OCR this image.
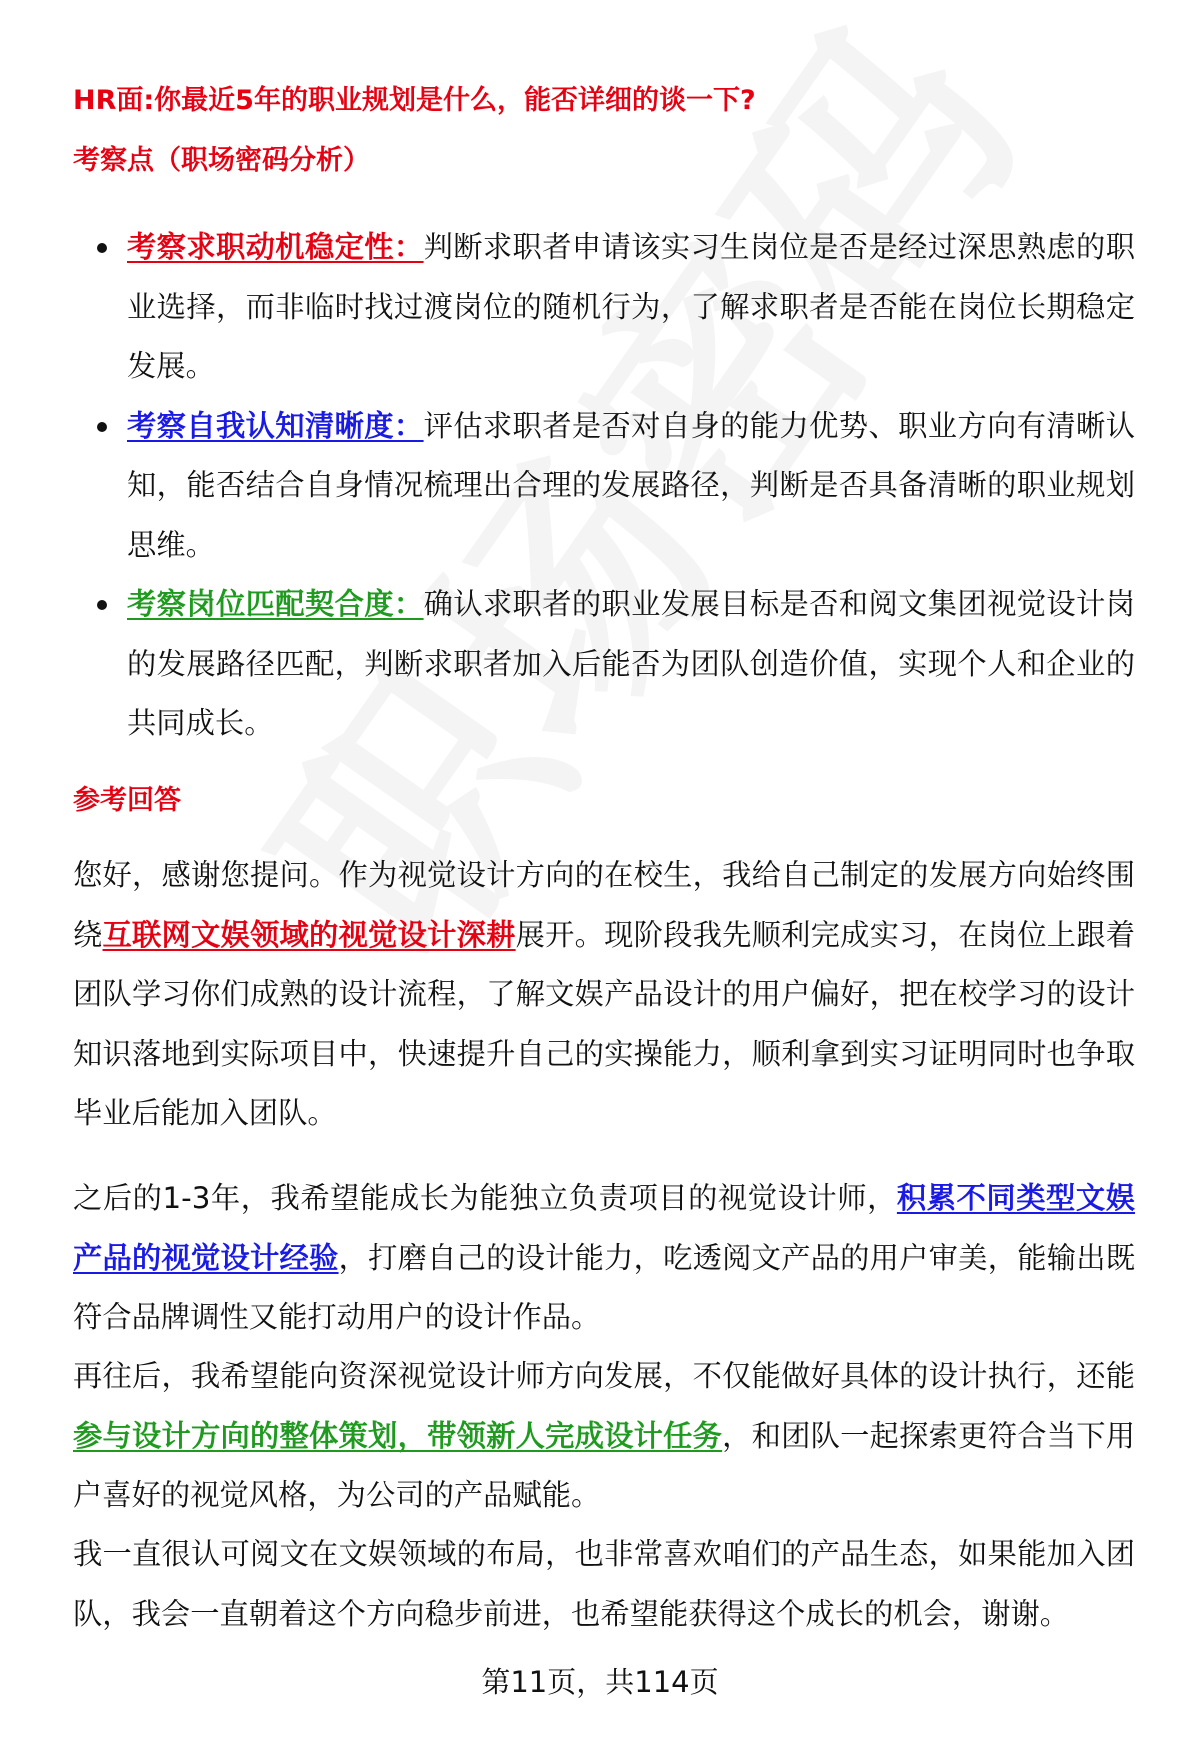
HR面:你最近5年的职业规划是什么，能否详细的谈一下?
考察点（职场密码分析）
考察求职动机稳定性：判断求职者申请该实习生岗位是否是经过深思熟虑的职业选择，而非临时找过渡岗位的随机行为，了解求职者是否能在岗位长期稳定发展。
考察自我认知清晰度：评估求职者是否对自身的能力优势、职业方向有清晰认知，能否结合自身情况梳理出合理的发展路径，判断是否具备清晰的职业规划思维。
考察岗位匹配契合度：确认求职者的职业发展目标是否和阅文集团视觉设计岗的发展路径匹配，判断求职者加入后能否为团队创造价值，实现个人和企业的共同成长。
参考回答

您好，感谢您提问。作为视觉设计方向的在校生，我给自己制定的发展方向始终围绕互联网文娱领域的视觉设计深耕展开。现阶段我先顺利完成实习，在岗位上跟着团队学习你们成熟的设计流程，了解文娱产品设计的用户偏好，把在校学习的设计知识落地到实际项目中，快速提升自己的实操能力，顺利拿到实习证明同时也争取毕业后能加入团队。

之后的1-3年，我希望能成长为能独立负责项目的视觉设计师，积累不同类型文娱产品的视觉设计经验，打磨自己的设计能力，吃透阅文产品的用户审美，能输出既符合品牌调性又能打动用户的设计作品。

再往后，我希望能向资深视觉设计师方向发展，不仅能做好具体的设计执行，还能参与设计方向的整体策划，带领新人完成设计任务，和团队一起探索更符合当下用户喜好的视觉风格，为公司的产品赋能。

我一直很认可阅文在文娱领域的布局，也非常喜欢咱们的产品生态，如果能加入团队，我会一直朝着这个方向稳步前进，也希望能获得这个成长的机会，谢谢。

第11页，共114页
